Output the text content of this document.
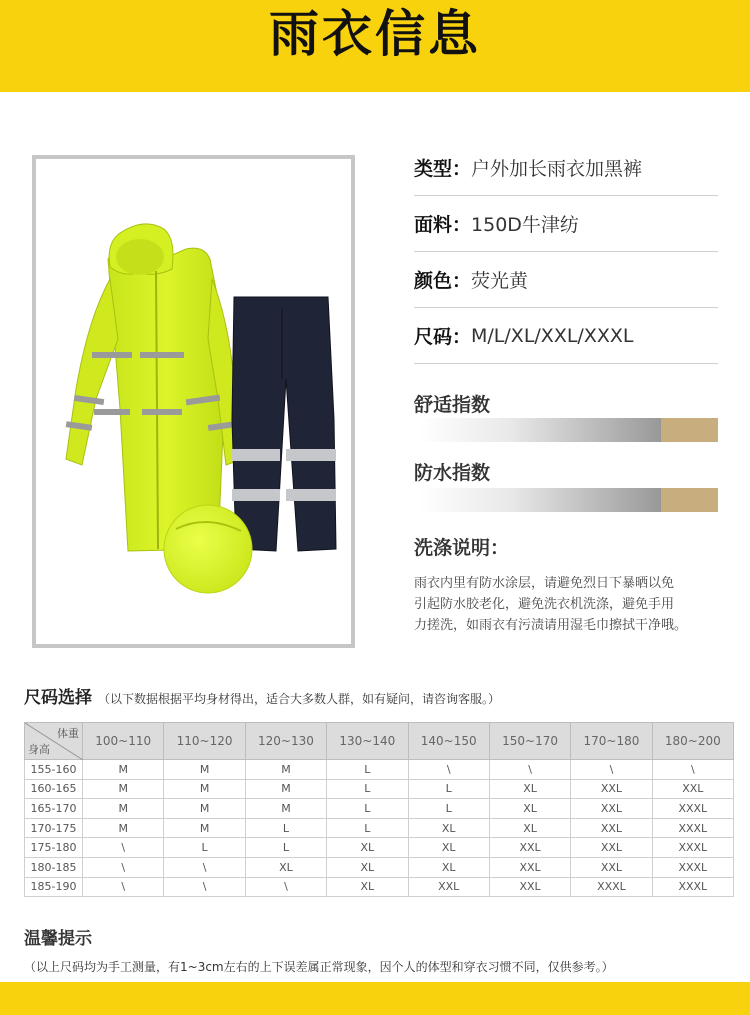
雨衣信息
类型： 户外加长雨衣加黑裤
面料： 150D牛津纺
颜色： 荧光黄
尺码： M/L/XL/XXL/XXXL
舒适指数
防水指数
洗涤说明：
雨衣内里有防水涂层，请避免烈日下暴晒以免
引起防水胶老化，避免洗衣机洗涤，避免手用
力搓洗，如雨衣有污渍请用湿毛巾擦拭干净哦。
尺码选择 （以下数据根据平均身材得出，适合大多数人群，如有疑问，请咨询客服。）
体重
身高	100~110	110~120	120~130	130~140	140~150	150~170	170~180	180~200
155-160	M	M	M	L	\	\	\	\
160-165	M	M	M	L	L	XL	XXL	XXL
165-170	M	M	M	L	L	XL	XXL	XXXL
170-175	M	M	L	L	XL	XL	XXL	XXXL
175-180	\	L	L	XL	XL	XXL	XXL	XXXL
180-185	\	\	XL	XL	XL	XXL	XXL	XXXL
185-190	\	\	\	XL	XXL	XXL	XXXL	XXXL
温馨提示
（以上尺码均为手工测量，有1~3cm左右的上下误差属正常现象，因个人的体型和穿衣习惯不同，仅供参考。）
